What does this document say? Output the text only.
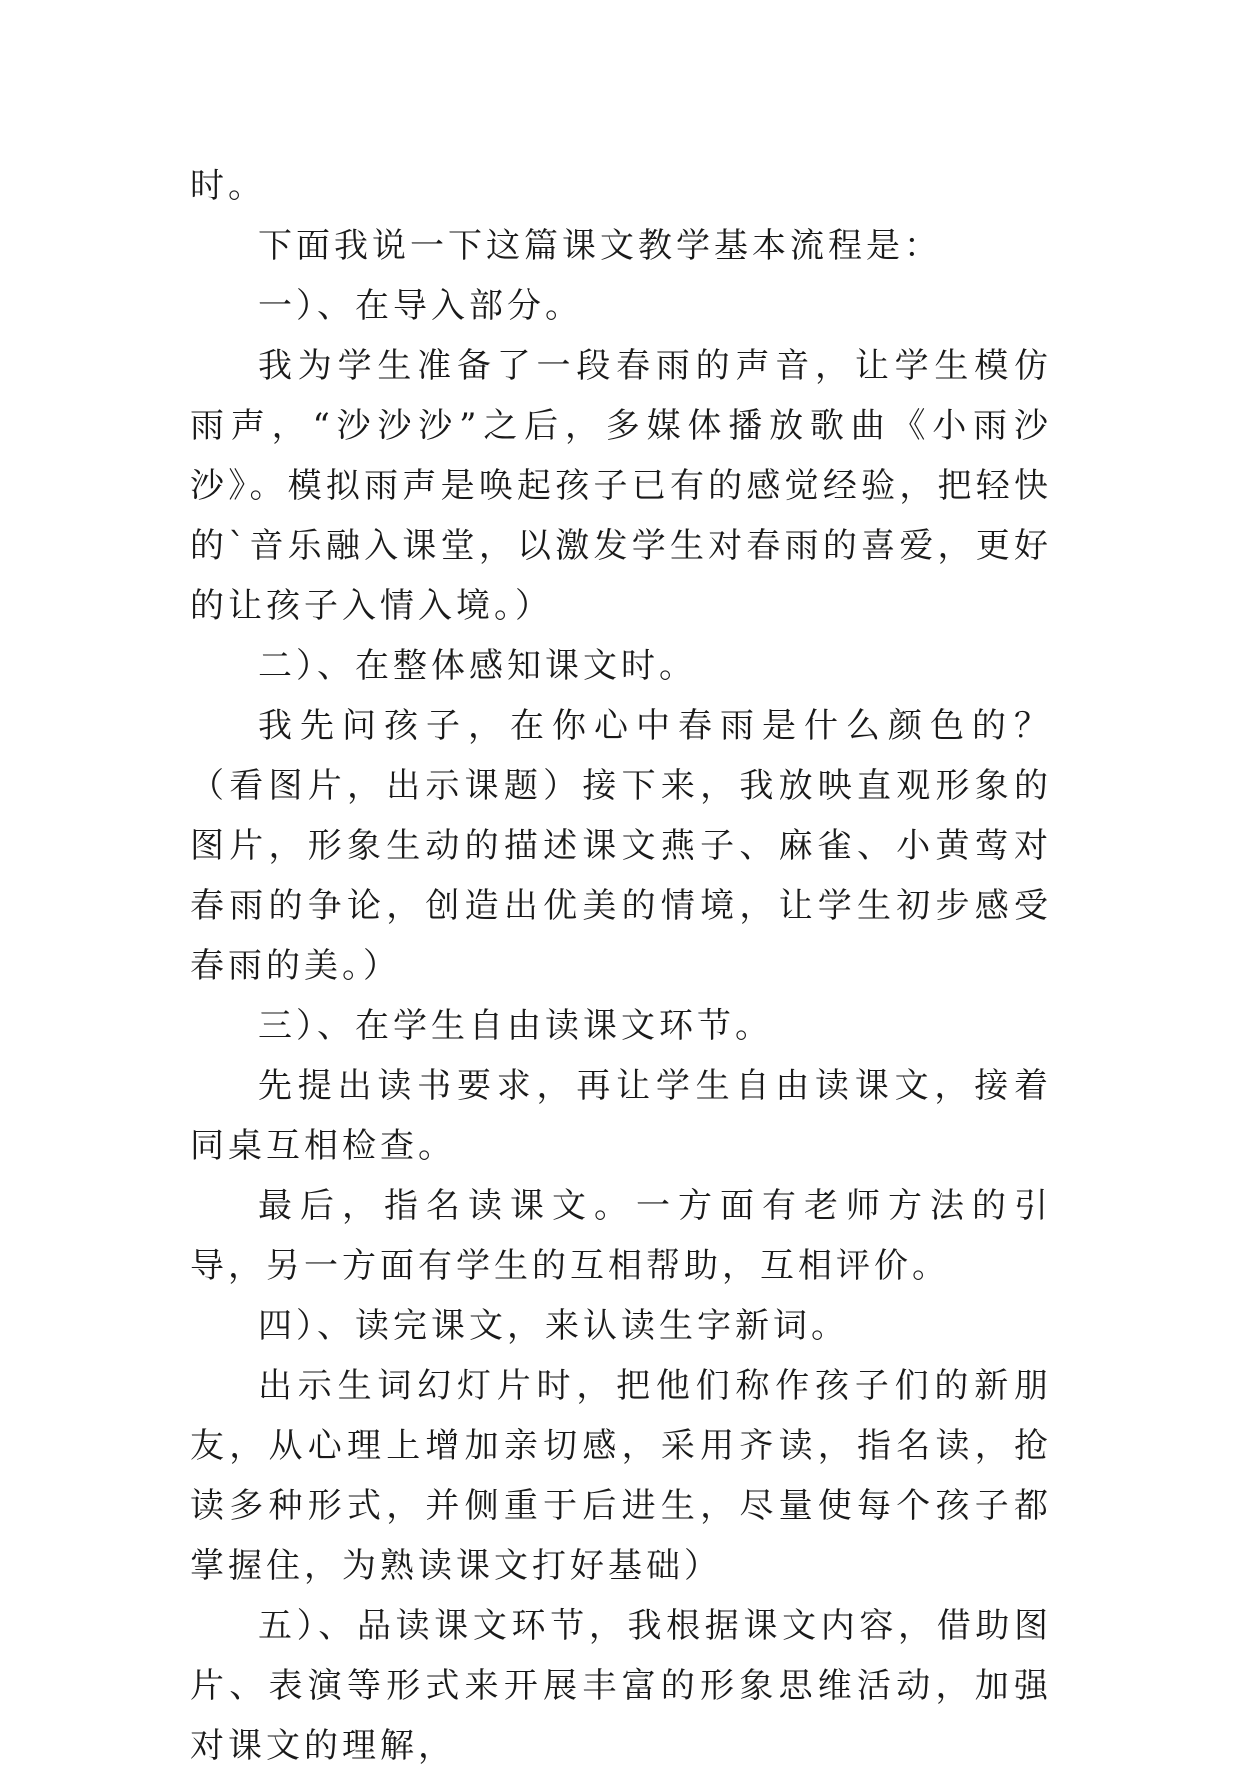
时。

下面我说一下这篇课文教学基本流程是：

一）、在导入部分。

我为学生准备了一段春雨的声音，让学生模仿雨声，“沙沙沙”之后，多媒体播放歌曲《小雨沙沙》。模拟雨声是唤起孩子已有的感觉经验，把轻快的`音乐融入课堂，以激发学生对春雨的喜爱，更好的让孩子入情入境。）

二）、在整体感知课文时。

我先问孩子，在你心中春雨是什么颜色的？（看图片，出示课题）接下来，我放映直观形象的图片，形象生动的描述课文燕子、麻雀、小黄莺对春雨的争论，创造出优美的情境，让学生初步感受春雨的美。）

三）、在学生自由读课文环节。

先提出读书要求，再让学生自由读课文，接着同桌互相检查。

最后，指名读课文。一方面有老师方法的引导，另一方面有学生的互相帮助，互相评价。

四）、读完课文，来认读生字新词。

出示生词幻灯片时，把他们称作孩子们的新朋友，从心理上增加亲切感，采用齐读，指名读，抢读多种形式，并侧重于后进生，尽量使每个孩子都掌握住，为熟读课文打好基础）

五）、品读课文环节，我根据课文内容，借助图片、表演等形式来开展丰富的形象思维活动，加强对课文的理解，
